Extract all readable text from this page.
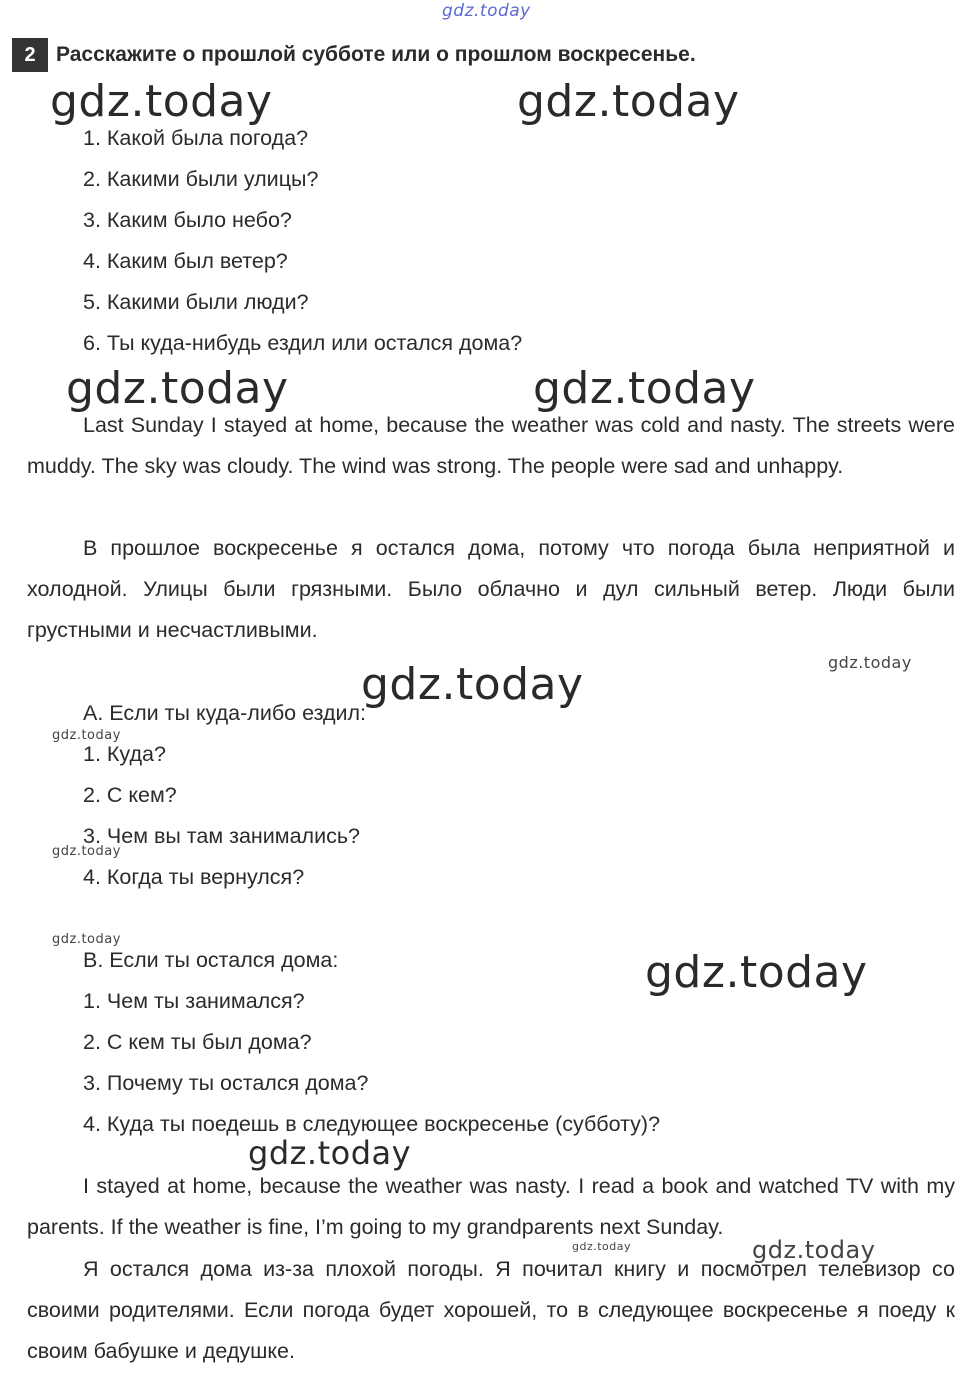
gdz.today
gdz.today	gdz.today
gdz.today	gdz.today
gdz.today
gdz.today
gdz.today
gdz.today
gdz.today
gdz.today
gdz.today
gdz.today	gdz.today
2 Расскажите о прошлой субботе или о прошлом воскресенье.
1. Какой была погода?
2. Какими были улицы?
3. Каким было небо?
4. Каким был ветер?
5. Какими были люди?
6. Ты куда-нибудь ездил или остался дома?

Last Sunday I stayed at home, because the weather was cold and nasty. The streets were muddy. The sky was cloudy. The wind was strong. The people were sad and unhappy.

В прошлое воскресенье я остался дома, потому что погода была неприятной и холодной. Улицы были грязными. Было облачно и дул сильный ветер. Люди были грустными и несчастливыми.

А. Если ты куда-либо ездил:
1. Куда?
2. С кем?
3. Чем вы там занимались?
4. Когда ты вернулся?
В. Если ты остался дома:
1. Чем ты занимался?
2. С кем ты был дома?
3. Почему ты остался дома?
4. Куда ты поедешь в следующее воскресенье (субботу)?

I stayed at home, because the weather was nasty. I read a book and watched TV with my parents. If the weather is fine, I’m going to my grandparents next Sunday.

Я остался дома из-за плохой погоды. Я почитал книгу и посмотрел телевизор со своими родителями. Если погода будет хорошей, то в следующее воскресенье я поеду к своим бабушке и дедушке.
